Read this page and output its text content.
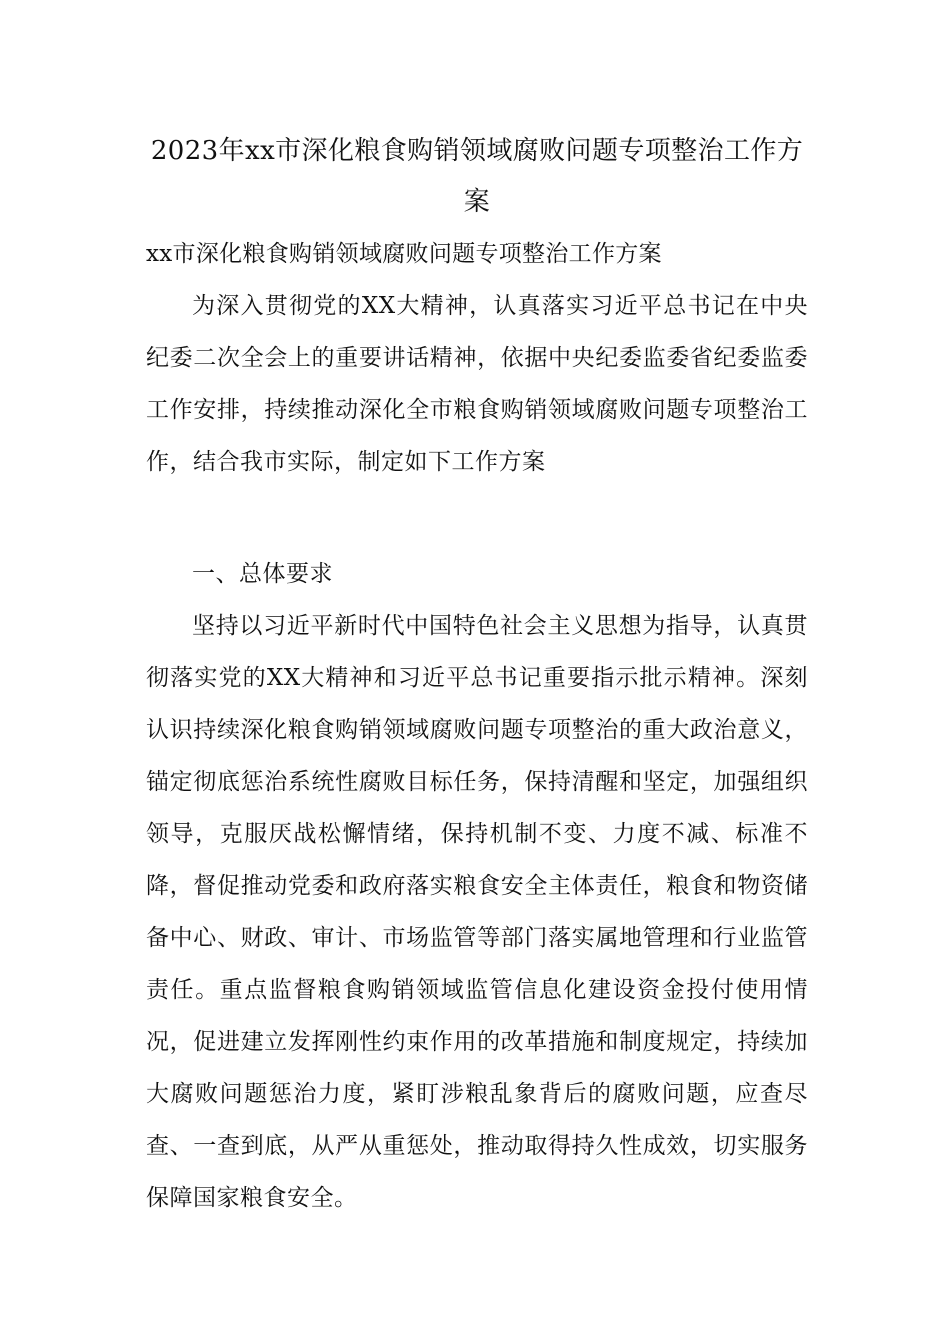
2023年xx市深化粮食购销领域腐败问题专项整治工作方案

xx市深化粮食购销领域腐败问题专项整治工作方案

为深入贯彻党的XX大精神，认真落实习近平总书记在中央纪委二次全会上的重要讲话精神，依据中央纪委监委省纪委监委工作安排，持续推动深化全市粮食购销领域腐败问题专项整治工作，结合我市实际，制定如下工作方案

一、总体要求

坚持以习近平新时代中国特色社会主义思想为指导，认真贯彻落实党的XX大精神和习近平总书记重要指示批示精神。深刻认识持续深化粮食购销领域腐败问题专项整治的重大政治意义，锚定彻底惩治系统性腐败目标任务，保持清醒和坚定，加强组织领导，克服厌战松懈情绪，保持机制不变、力度不减、标准不降，督促推动党委和政府落实粮食安全主体责任，粮食和物资储备中心、财政、审计、市场监管等部门落实属地管理和行业监管责任。重点监督粮食购销领域监管信息化建设资金投付使用情况，促进建立发挥刚性约束作用的改革措施和制度规定，持续加大腐败问题惩治力度，紧盯涉粮乱象背后的腐败问题，应查尽查、一查到底，从严从重惩处，推动取得持久性成效，切实服务保障国家粮食安全。
